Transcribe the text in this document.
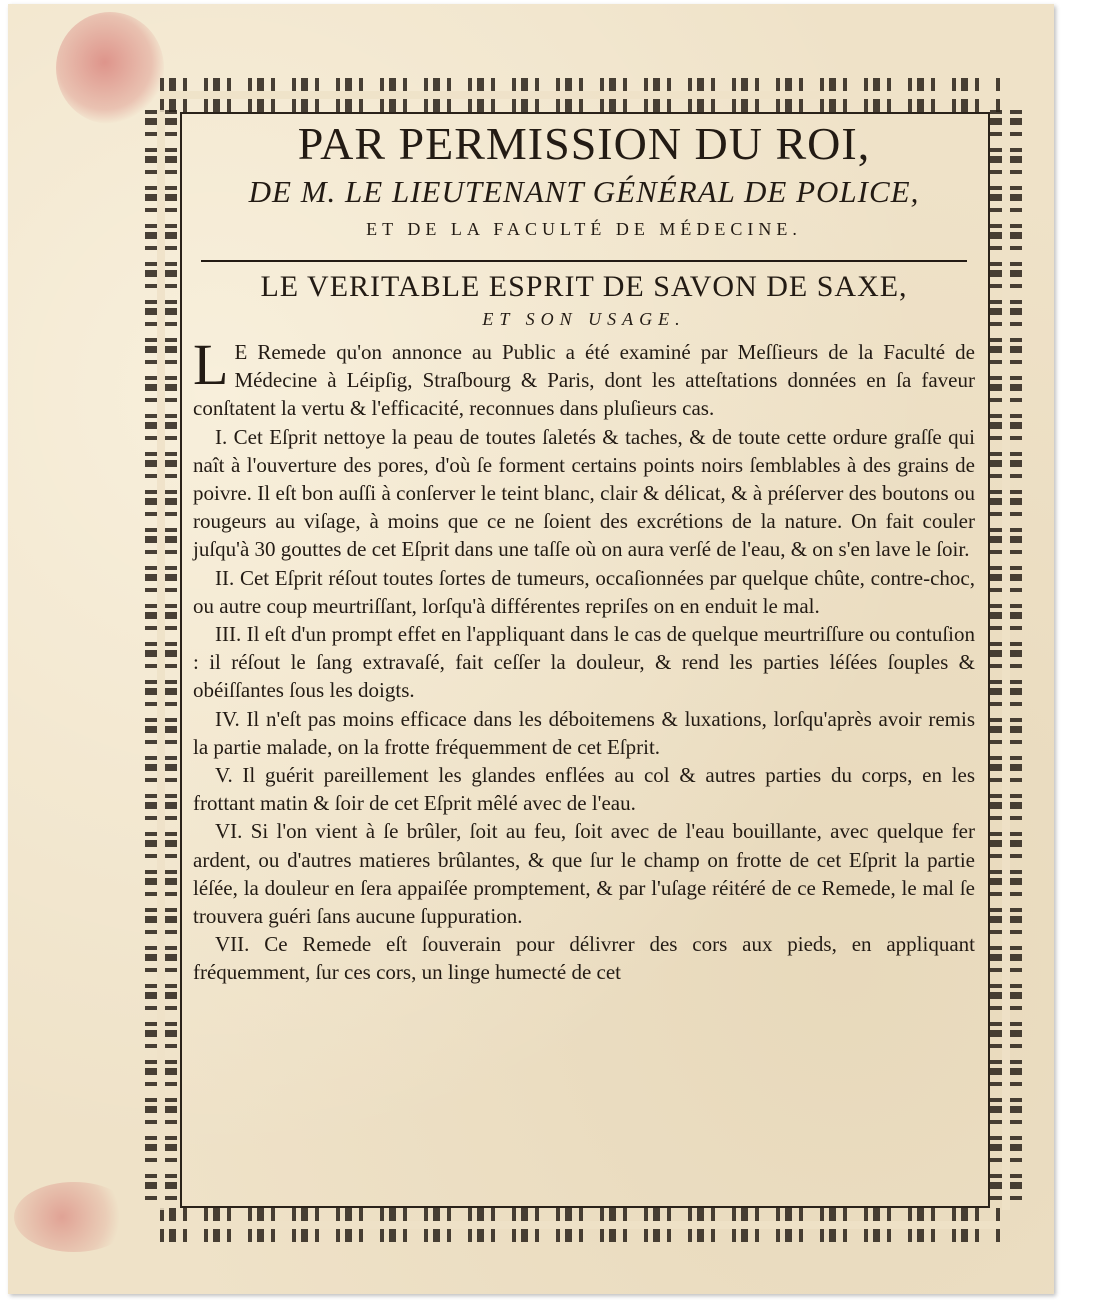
PAR PERMISSION DU ROI,
DE M. LE LIEUTENANT GÉNÉRAL DE POLICE,
ET DE LA FACULTÉ DE MÉDECINE.
LE VERITABLE ESPRIT DE SAVON DE SAXE,
ET SON USAGE.

L E Remede qu'on annonce au Public a été examiné par Meſſieurs de la Faculté de Médecine à Léipſig, Straſbourg & Paris, dont les atteſtations données en ſa faveur conſtatent la vertu & l'efficacité, reconnues dans pluſieurs cas.

I. Cet Eſprit nettoye la peau de toutes ſaletés & taches, & de toute cette ordure graſſe qui naît à l'ouverture des pores, d'où ſe forment certains points noirs ſemblables à des grains de poivre. Il eſt bon auſſi à conſerver le teint blanc, clair & délicat, & à préſerver des boutons ou rougeurs au viſage, à moins que ce ne ſoient des excrétions de la nature. On fait couler juſqu'à 30 gouttes de cet Eſprit dans une taſſe où on aura verſé de l'eau, & on s'en lave le ſoir.

II. Cet Eſprit réſout toutes ſortes de tumeurs, occaſionnées par quelque chûte, contre-choc, ou autre coup meurtriſſant, lorſqu'à différentes repriſes on en enduit le mal.

III. Il eſt d'un prompt effet en l'appliquant dans le cas de quelque meurtriſſure ou contuſion : il réſout le ſang extravaſé, fait ceſſer la douleur, & rend les parties léſées ſouples & obéiſſantes ſous les doigts.

IV. Il n'eſt pas moins efficace dans les déboitemens & luxations, lorſqu'après avoir remis la partie malade, on la frotte fréquemment de cet Eſprit.

V. Il guérit pareillement les glandes enflées au col & autres parties du corps, en les frottant matin & ſoir de cet Eſprit mêlé avec de l'eau.

VI. Si l'on vient à ſe brûler, ſoit au feu, ſoit avec de l'eau bouillante, avec quelque fer ardent, ou d'autres matieres brûlantes, & que ſur le champ on frotte de cet Eſprit la partie léſée, la douleur en ſera appaiſée promptement, & par l'uſage réitéré de ce Remede, le mal ſe trouvera guéri ſans aucune ſuppuration.

VII. Ce Remede eſt ſouverain pour délivrer des cors aux pieds, en appliquant fréquemment, ſur ces cors, un linge humecté de cet
